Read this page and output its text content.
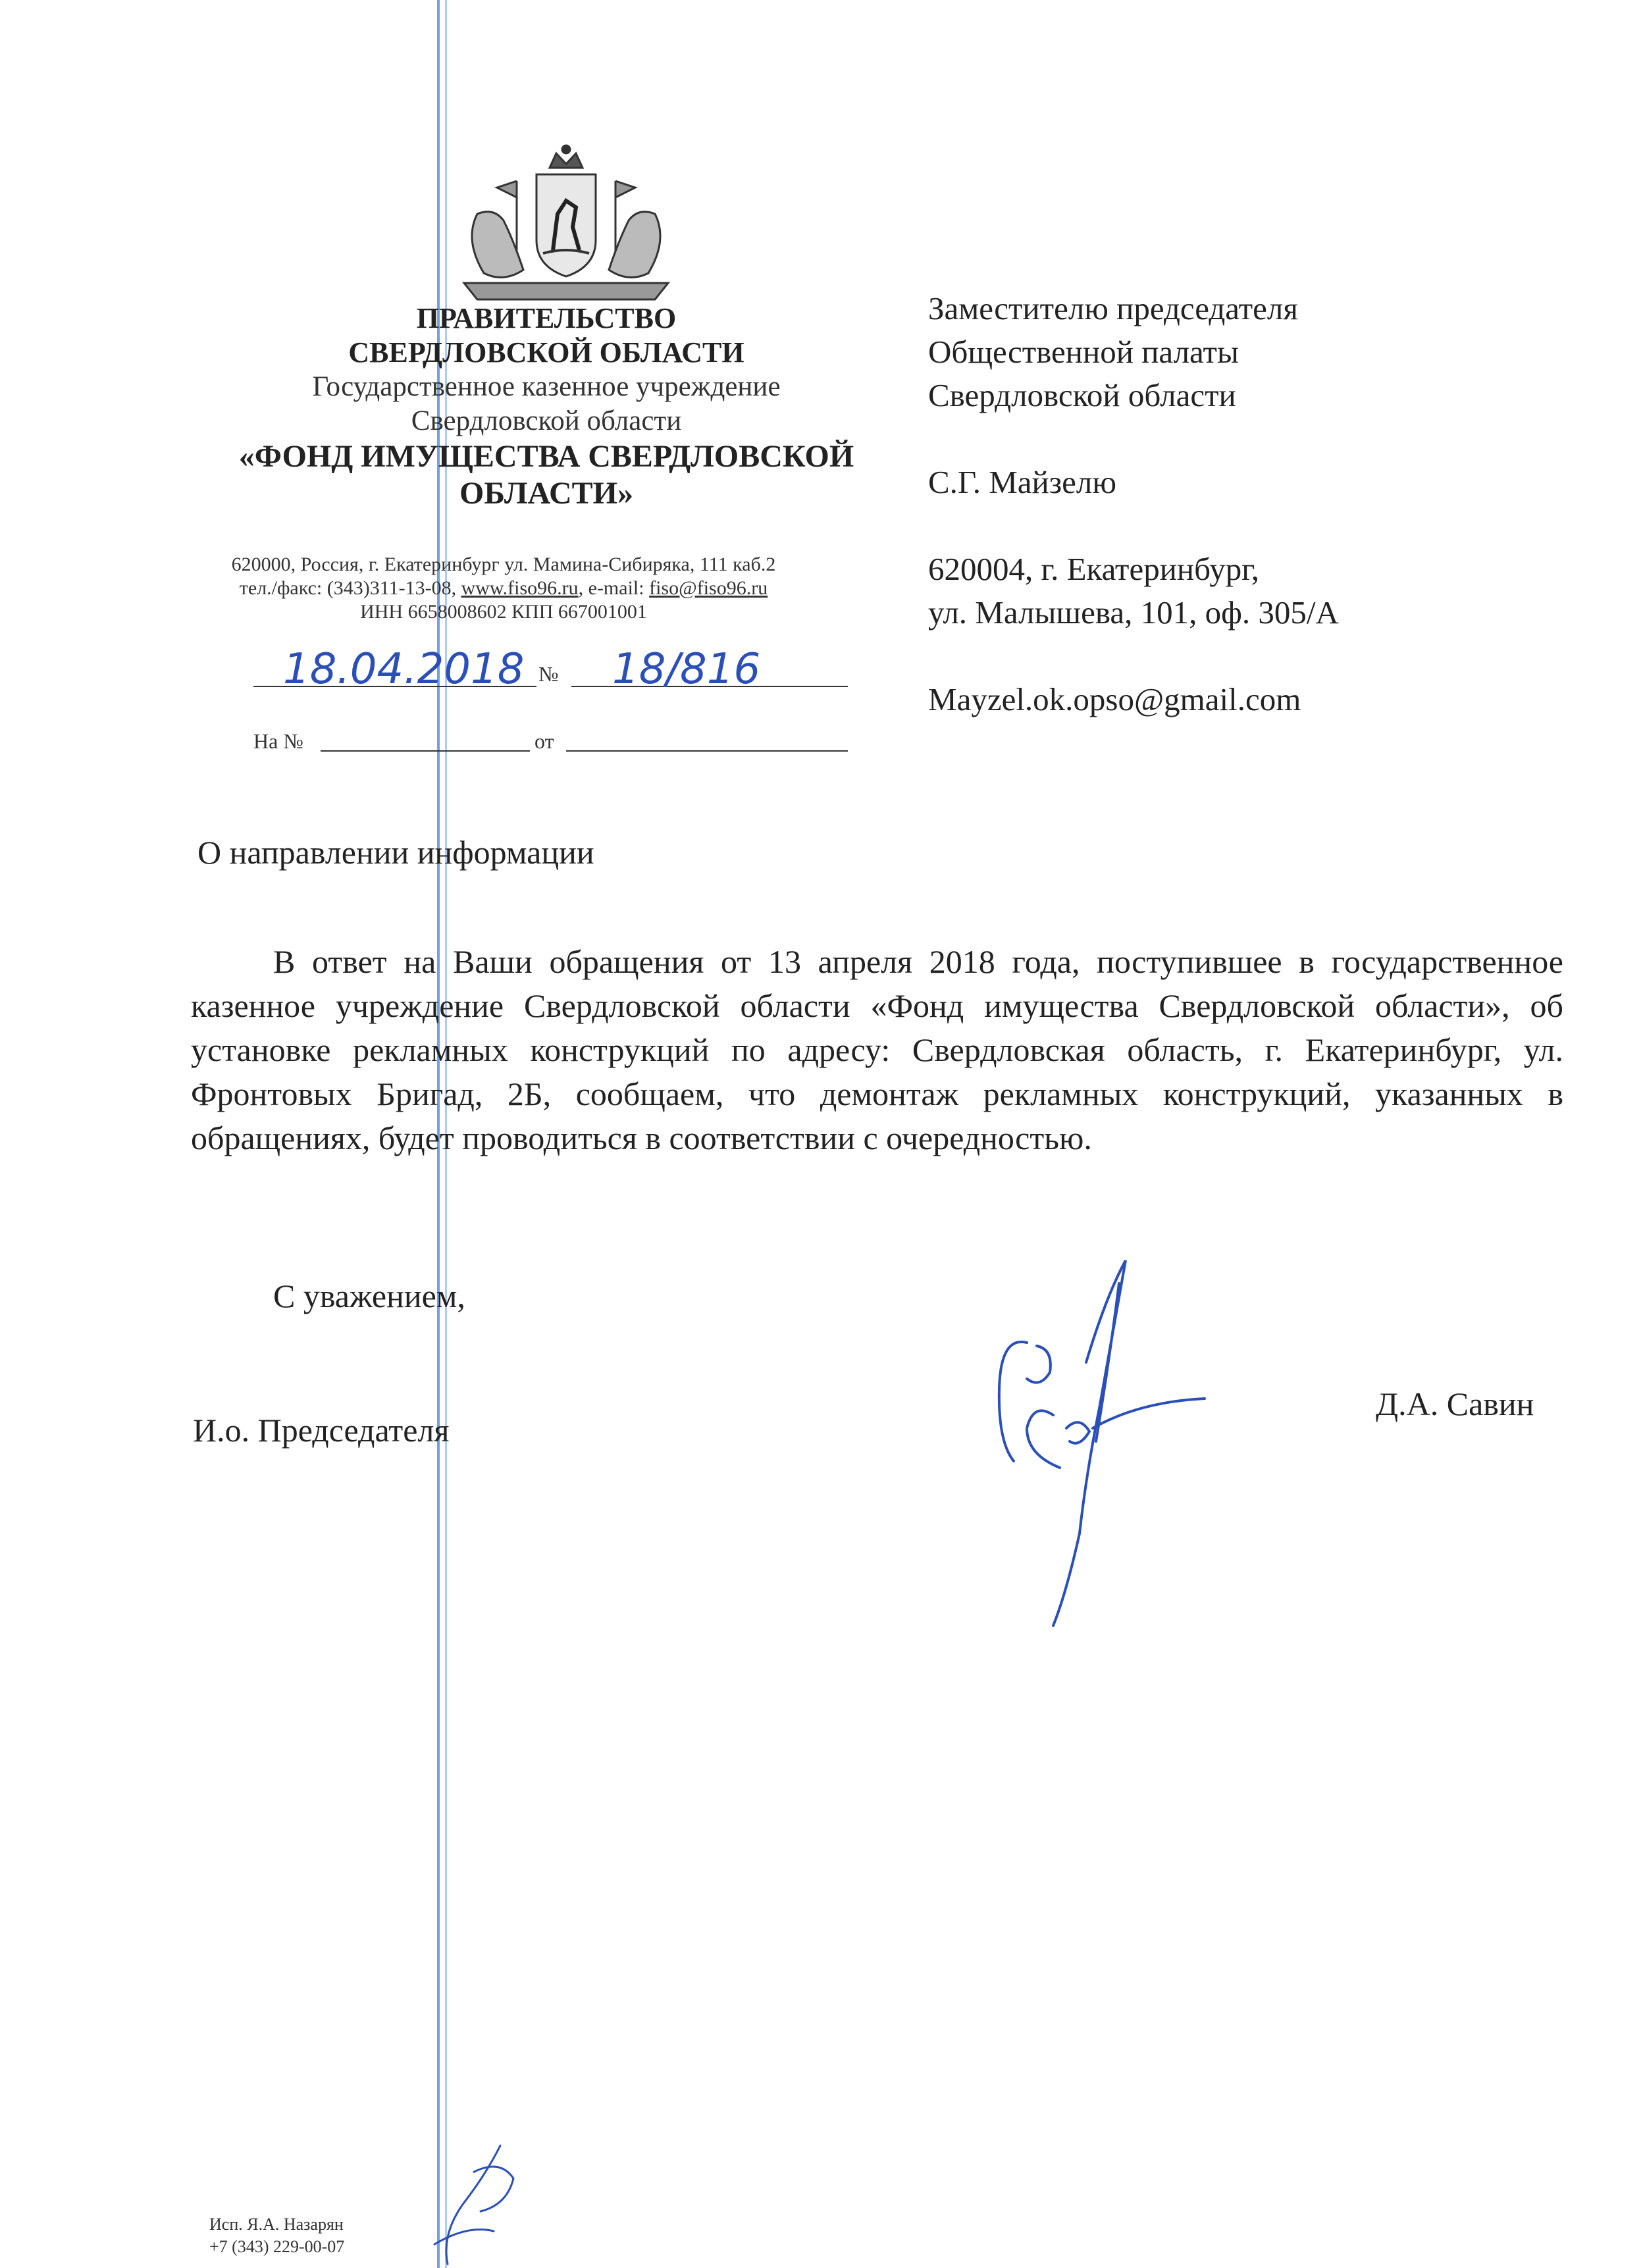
ПРАВИТЕЛЬСТВО
СВЕРДЛОВСКОЙ ОБЛАСТИ
Государственное казенное учреждение
Свердловской области
«ФОНД ИМУЩЕСТВА СВЕРДЛОВСКОЙ
ОБЛАСТИ»
620000, Россия, г. Екатеринбург ул. Мамина-Сибиряка, 111 каб.2
тел./факс: (343)311-13-08, www.fiso96.ru, e-mail: fiso@fiso96.ru
ИНН 6658008602 КПП 667001001
18.04.2018 № 18/816
На №	от
Заместителю председателя
Общественной палаты
Свердловской области
С.Г. Майзелю
620004, г. Екатеринбург,
ул. Малышева, 101, оф. 305/А
Mayzel.ok.opso@gmail.com
О направлении информации
В ответ на Ваши обращения от 13 апреля 2018 года, поступившее в государственное казенное учреждение Свердловской области «Фонд имущества Свердловской области», об установке рекламных конструкций по адресу: Свердловская область, г. Екатеринбург, ул. Фронтовых Бригад, 2Б, сообщаем, что демонтаж рекламных конструкций, указанных в обращениях, будет проводиться в соответствии с очередностью.
С уважением,
И.о. Председателя
Д.А. Савин
Исп. Я.А. Назарян
+7 (343) 229-00-07
